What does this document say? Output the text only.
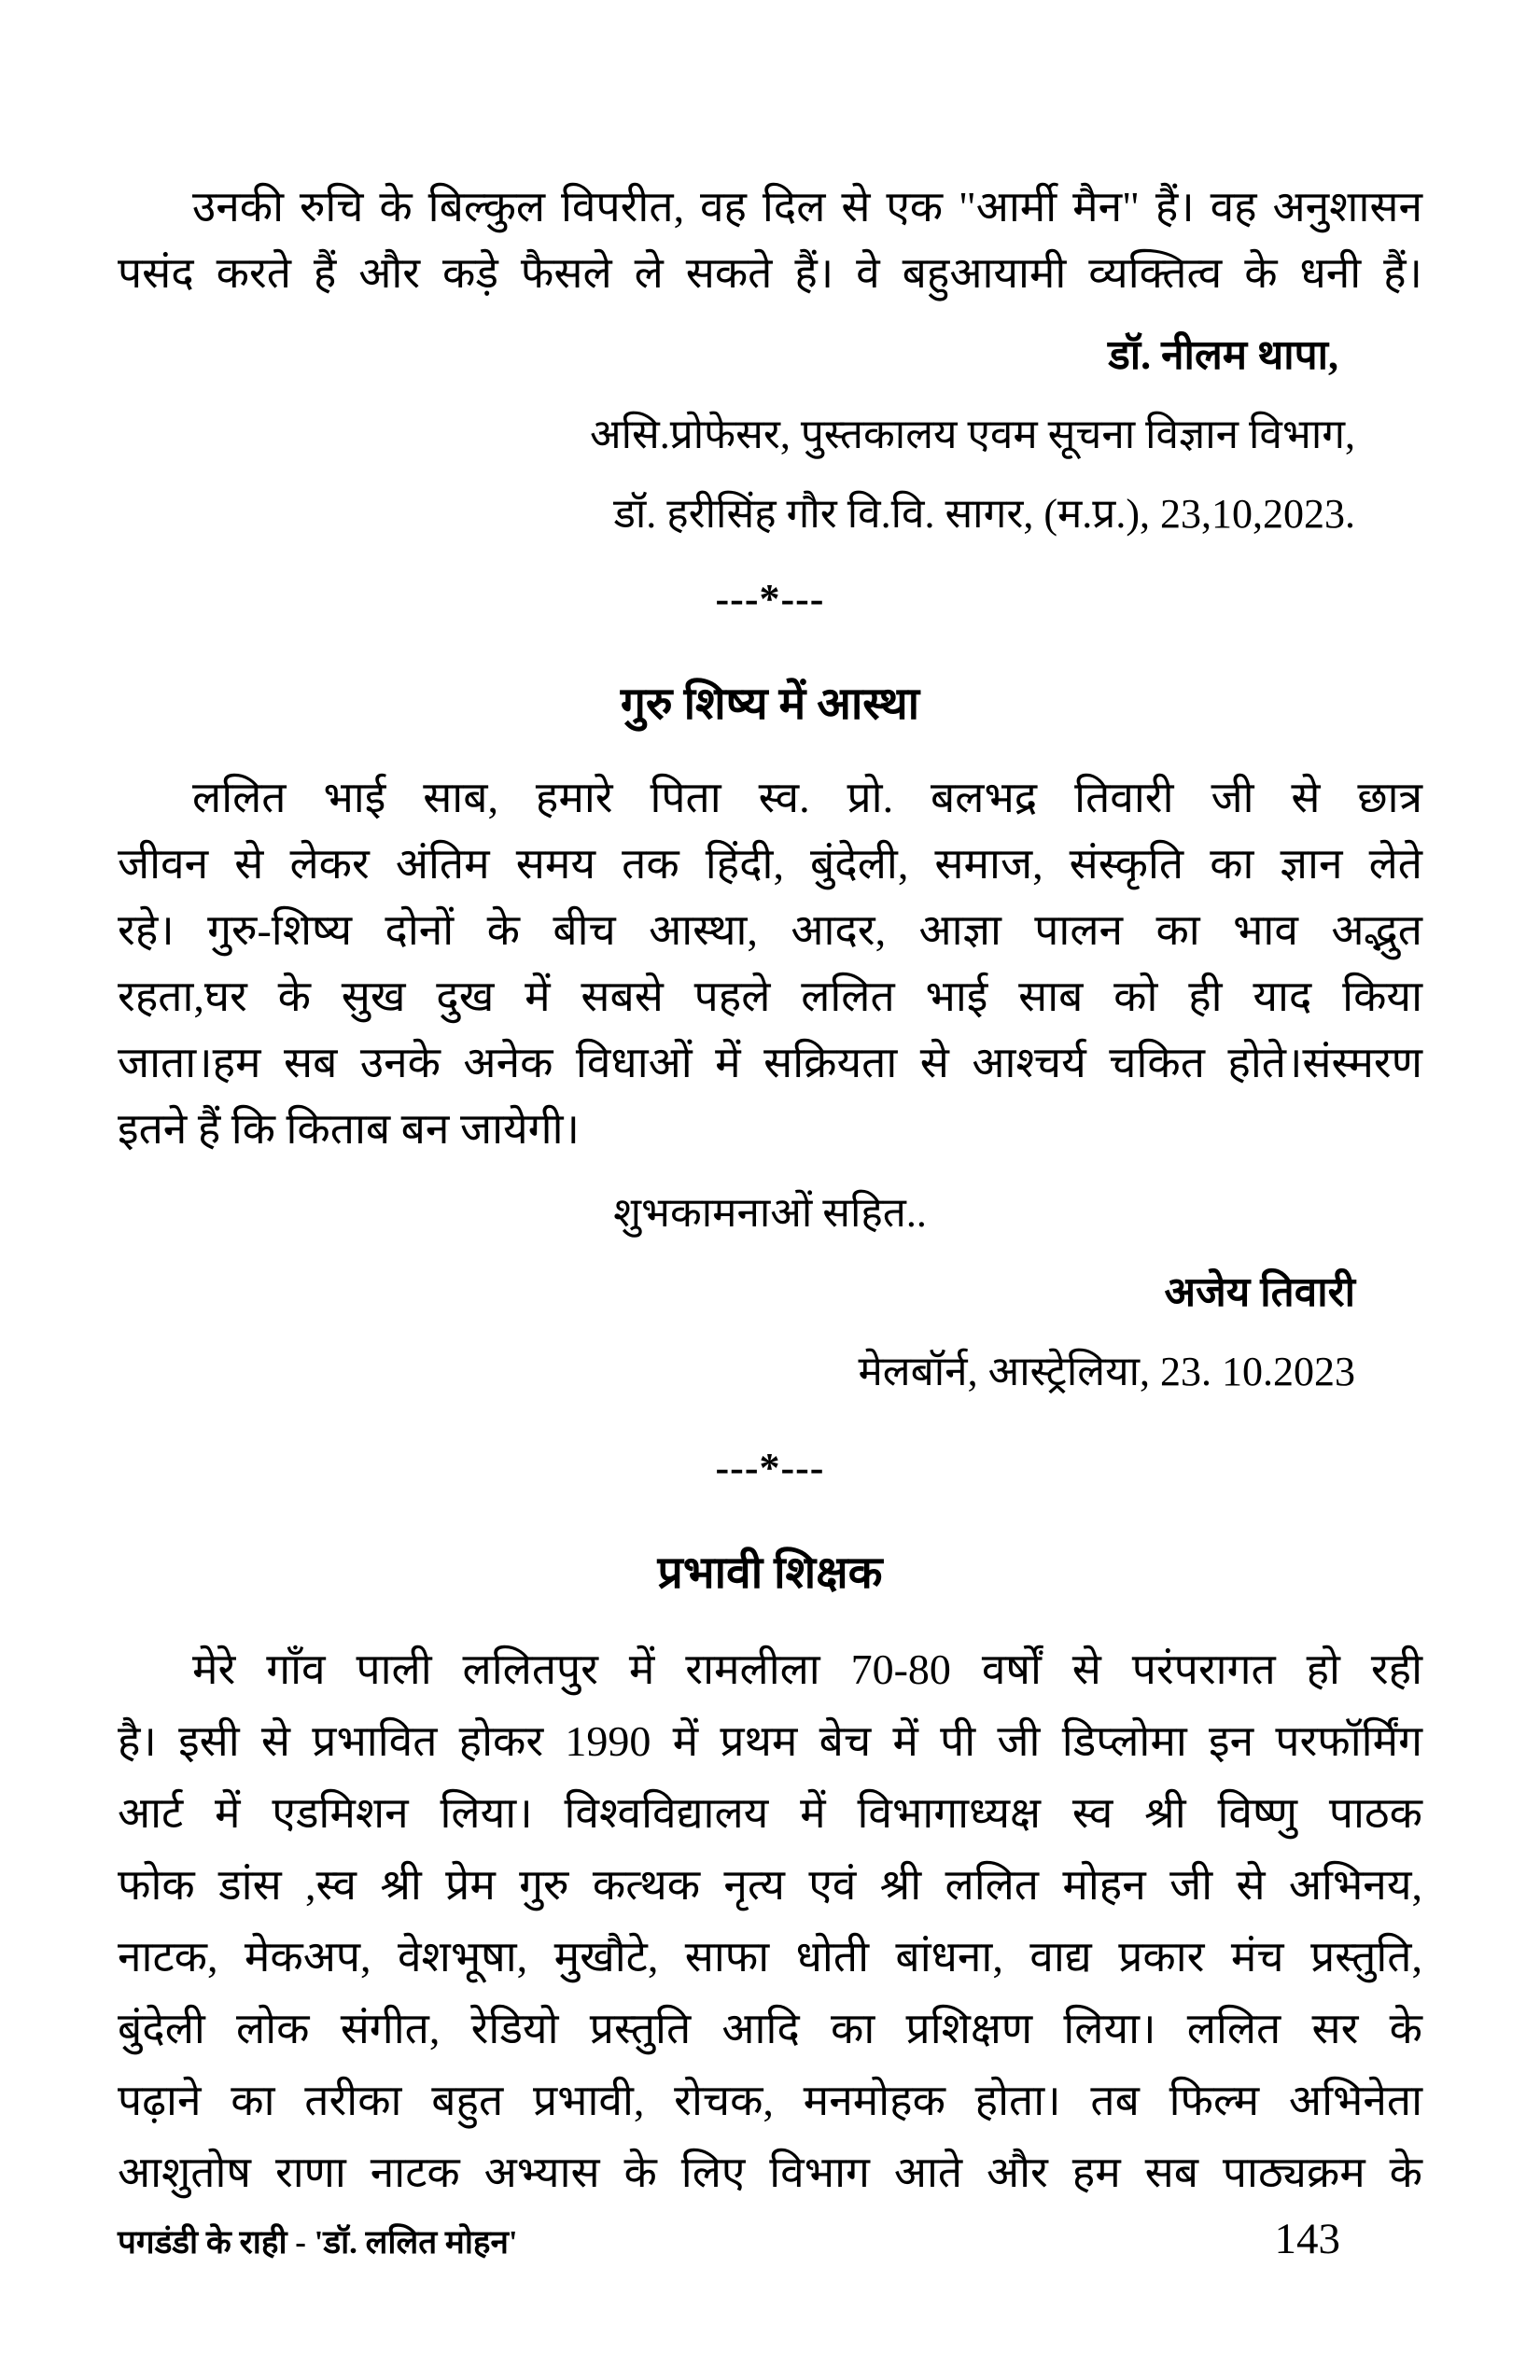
उनकी रुचि के बिल्कुल विपरीत, वह दिल से एक "आर्मी मैन" हैं। वह अनुशासन
पसंद करते हैं और कड़े फैसले ले सकते हैं। वे बहुआयामी व्यक्तित्व के धनी हैं।
डॉ. नीलम थापा,
असि.प्रोफेसर, पुस्तकालय एवम सूचना विज्ञान विभाग,
डॉ. हरीसिंह गौर वि.वि. सागर, (म.प्र.), 23,10,2023.
---*---
गुरु शिष्य में आस्था
ललित भाई साब, हमारे पिता स्व. प्रो. बलभद्र तिवारी जी से छात्र
जीवन से लेकर अंतिम समय तक हिंदी, बुंदेली, समाज, संस्कृति का ज्ञान लेते
रहे। गुरु-शिष्य दोनों के बीच आस्था, आदर, आज्ञा पालन का भाव अद्भुत
रहता,घर के सुख दुख में सबसे पहले ललित भाई साब को ही याद किया
जाता।हम सब उनके अनेक विधाओं में सक्रियता से आश्चर्य चकित होते।संस्मरण
इतने हैं कि किताब बन जायेगी।
शुभकामनाओं सहित..
अजेय तिवारी
मेलबॉर्न, आस्ट्रेलिया, 23. 10.2023
---*---
प्रभावी शिक्षक
मेरे गाँव पाली ललितपुर में रामलीला 70-80 वर्षों से परंपरागत हो रही
है। इसी से प्रभावित होकर 1990 में प्रथम बेच में पी जी डिप्लोमा इन परफॉर्मिंग
आर्ट में एडमिशन लिया। विश्वविद्यालय में विभागाध्यक्ष स्व श्री विष्णु पाठक
फोक डांस ,स्व श्री प्रेम गुरु कत्थक नृत्य एवं श्री ललित मोहन जी से अभिनय,
नाटक, मेकअप, वेशभूषा, मुखौटे, साफा धोती बांधना, वाद्य प्रकार मंच प्रस्तुति,
बुंदेली लोक संगीत, रेडियो प्रस्तुति आदि का प्रशिक्षण लिया। ललित सर के
पढ़ाने का तरीका बहुत प्रभावी, रोचक, मनमोहक होता। तब फिल्म अभिनेता
आशुतोष राणा नाटक अभ्यास के लिए विभाग आते और हम सब पाठ्यक्रम के
पगडंडी के राही - 'डॉ. ललित मोहन'	143
